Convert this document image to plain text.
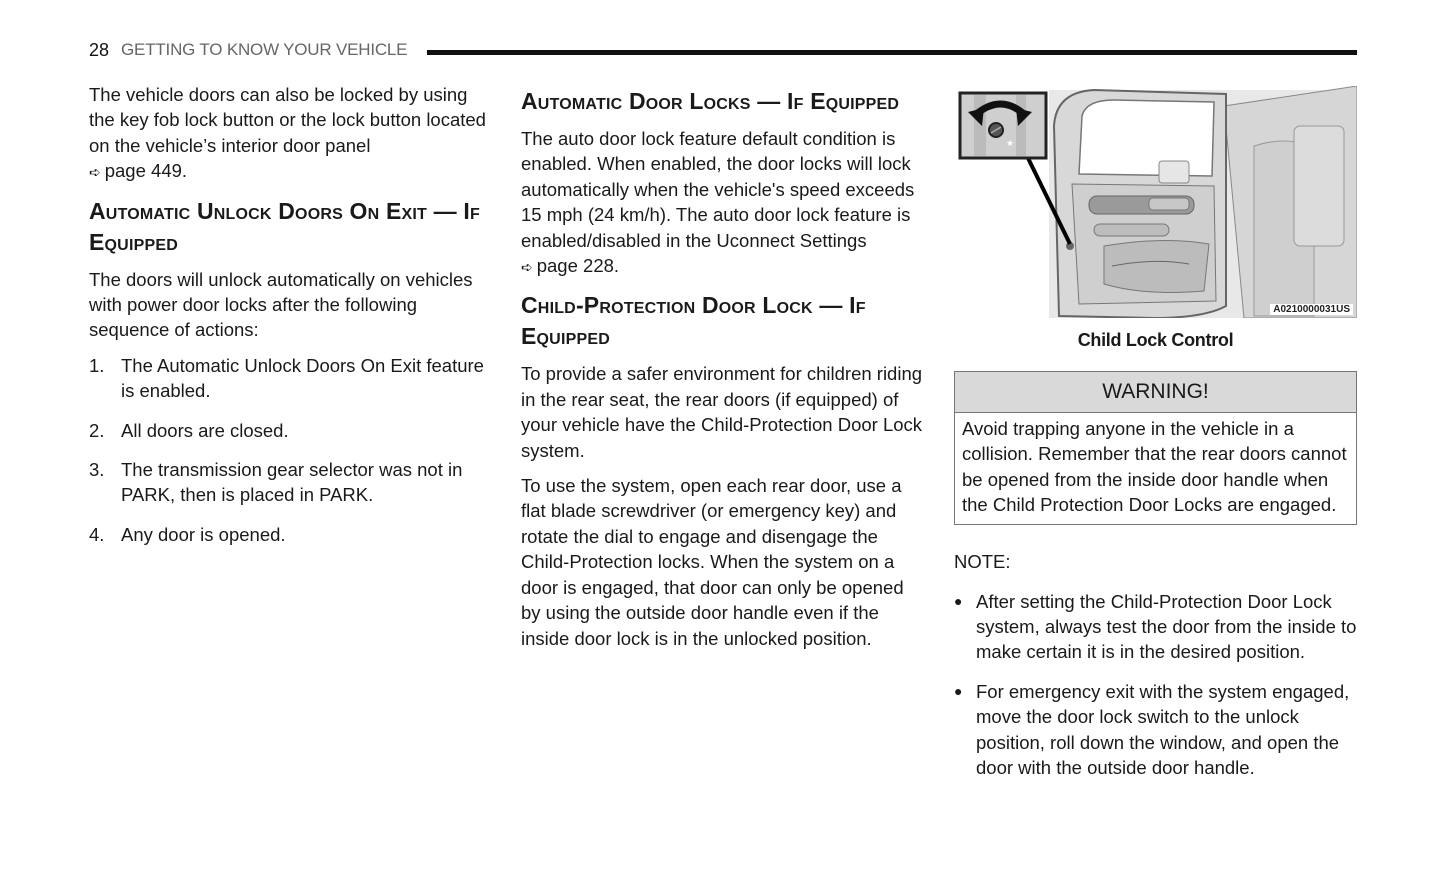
28 GETTING TO KNOW YOUR VEHICLE

The vehicle doors can also be locked by using the key fob lock button or the lock button located on the vehicle’s interior door panel
➪ page 449.

Automatic Unlock Doors On Exit — If Equipped

The doors will unlock automatically on vehicles with power door locks after the following sequence of actions:

1. The Automatic Unlock Doors On Exit feature is enabled.
2. All doors are closed.
3. The transmission gear selector was not in PARK, then is placed in PARK.
4. Any door is opened.
Automatic Door Locks — If Equipped

The auto door lock feature default condition is enabled. When enabled, the door locks will lock automatically when the vehicle's speed exceeds 15 mph (24 km/h). The auto door lock feature is enabled/disabled in the Uconnect Settings
➪ page 228.

Child-Protection Door Lock — If Equipped

To provide a safer environment for children riding in the rear seat, the rear doors (if equipped) of your vehicle have the Child-Protection Door Lock system.

To use the system, open each rear door, use a flat blade screwdriver (or emergency key) and rotate the dial to engage and disengage the Child-Protection locks. When the system on a door is engaged, that door can only be opened by using the outside door handle even if the inside door lock is in the unlocked position.

★
A0210000031US
Child Lock Control
WARNING!
Avoid trapping anyone in the vehicle in a collision. Remember that the rear doors cannot be opened from the inside door handle when the Child Protection Door Locks are engaged.
NOTE:
● After setting the Child-Protection Door Lock system, always test the door from the inside to make certain it is in the desired position.
● For emergency exit with the system engaged, move the door lock switch to the unlock position, roll down the window, and open the door with the outside door handle.
